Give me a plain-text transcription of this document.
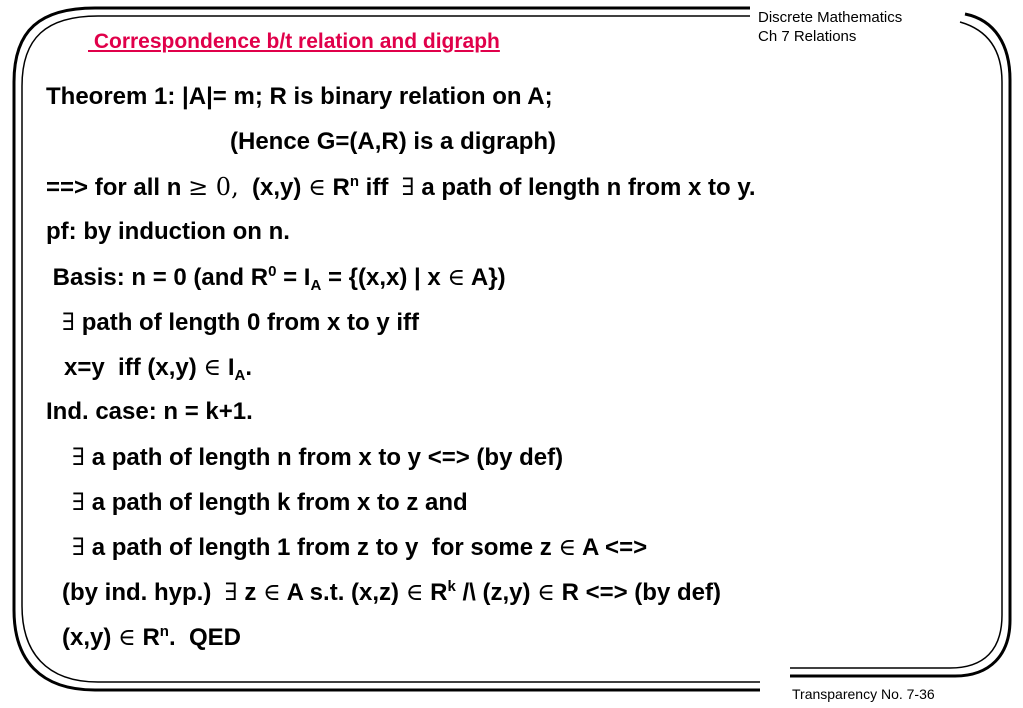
Discrete Mathematics
Ch 7 Relations
Correspondence b/t relation and digraph
Theorem 1: |A|= m; R is binary relation on A;
(Hence G=(A,R) is a digraph)
==> for all n ≥ 0,  (x,y) ∈ $R^n$ iff  ∃ a path of length n from x to y.
pf: by induction on n.
Basis: n = 0 (and $R^0 = I_A = \{(x,x)$ | x ∈ A})
∃ path of length 0 from x to y iff
x=y  iff (x,y) ∈ $I_A$.
Ind. case: n = k+1.
∃ a path of length n from x to y <=> (by def)
∃ a path of length k from x to z and
∃ a path of length 1 from z to y  for some z ∈ A <=>
(by ind. hyp.)  ∃ z ∈ A s.t. (x,z) ∈ $R^k$ /\ (z,y) ∈ R <=> (by def)
(x,y) ∈ $R^n$.  QED
Transparency No. 7-36
